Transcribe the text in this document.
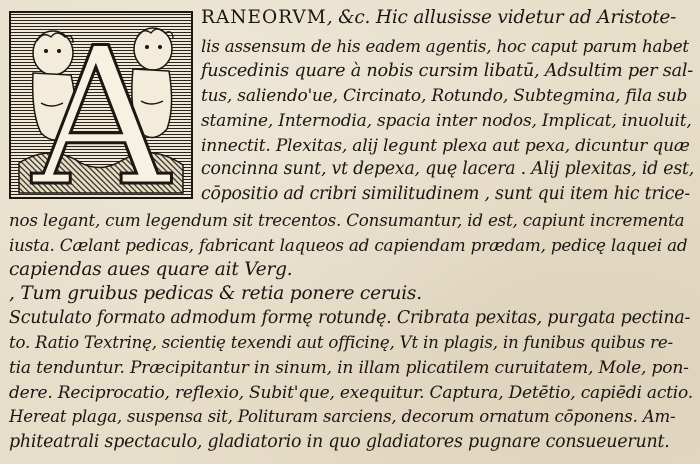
A RANEORVM, &c. Hic allusisse videtur ad Aristote-
lis assensum de his eadem agentis, hoc caput parum habet
fuscedinis quare à nobis cursim libatū, Adsultim per sal-
tus, saliendo'ue, Circinato, Rotundo, Subtegmina, fila sub
stamine, Internodia, spacia inter nodos, Implicat, inuoluit,
innectit. Plexitas, alij legunt plexa aut pexa, dicuntur quæ
concinna sunt, vt depexa, quę lacera . Alij plexitas, id est,
cōpositio ad cribri similitudinem , sunt qui item hic trice-
nos legant, cum legendum sit trecentos. Consumantur, id est, capiunt incrementa
iusta. Cælant pedicas, fabricant laqueos ad capiendam prædam, pedicę laquei ad
capiendas aues quare ait Verg.
, Tum gruibus pedicas & retia ponere ceruis.
Scutulato formato admodum formę rotundę. Cribrata pexitas, purgata pectina-
to. Ratio Textrinę, scientię texendi aut officinę, Vt in plagis, in funibus quibus re-
tia tenduntur. Præcipitantur in sinum, in illam plicatilem curuitatem, Mole, pon-
dere. Reciprocatio, reflexio, Subit'que, exequitur. Captura, Detētio, capiēdi actio.
Hereat plaga, suspensa sit, Polituram sarciens, decorum ornatum cōponens. Am-
phiteatrali spectaculo, gladiatorio in quo gladiatores pugnare consueuerunt.
